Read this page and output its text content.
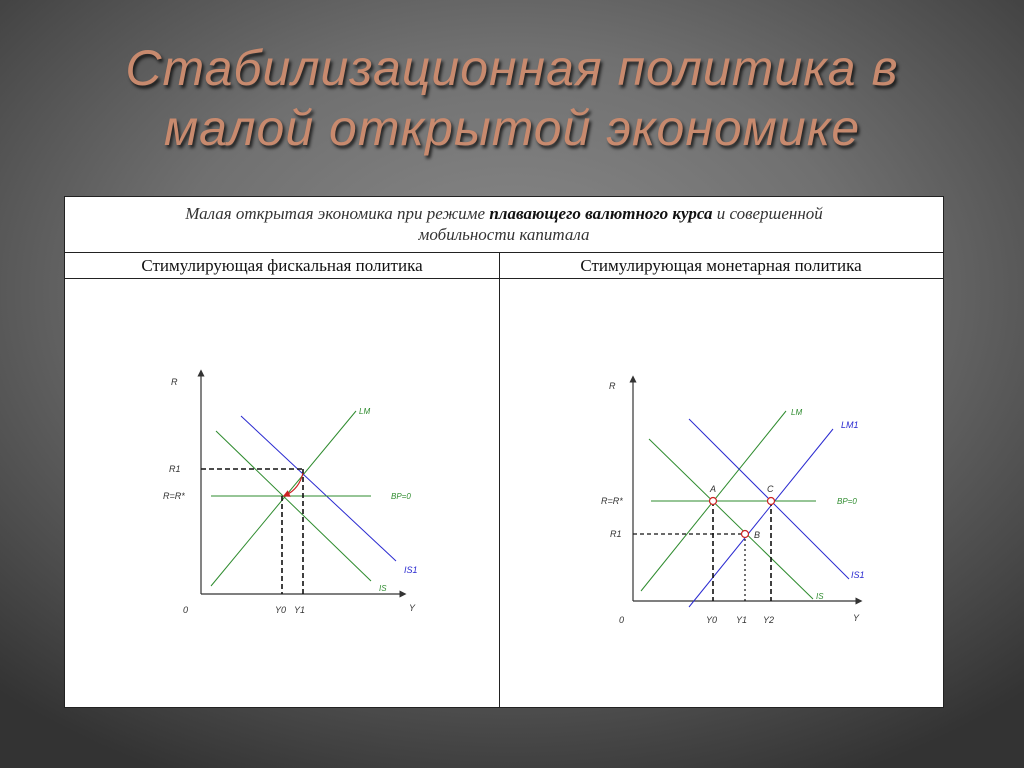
Стабилизационная политика в
малой открытой экономике
Малая открытая экономика при режиме плавающего валютного курса и совершенной
мобильности капитала
Стимулирующая фискальная политика	Стимулирующая монетарная политика
R
Y
0
LM
BP=0
IS1
IS
R1
R=R*
Y0 Y1
R
Y
0
LM
LM1
BP=0
IS1
IS
R=R*
R1
A
B
C
Y0 Y1 Y2
